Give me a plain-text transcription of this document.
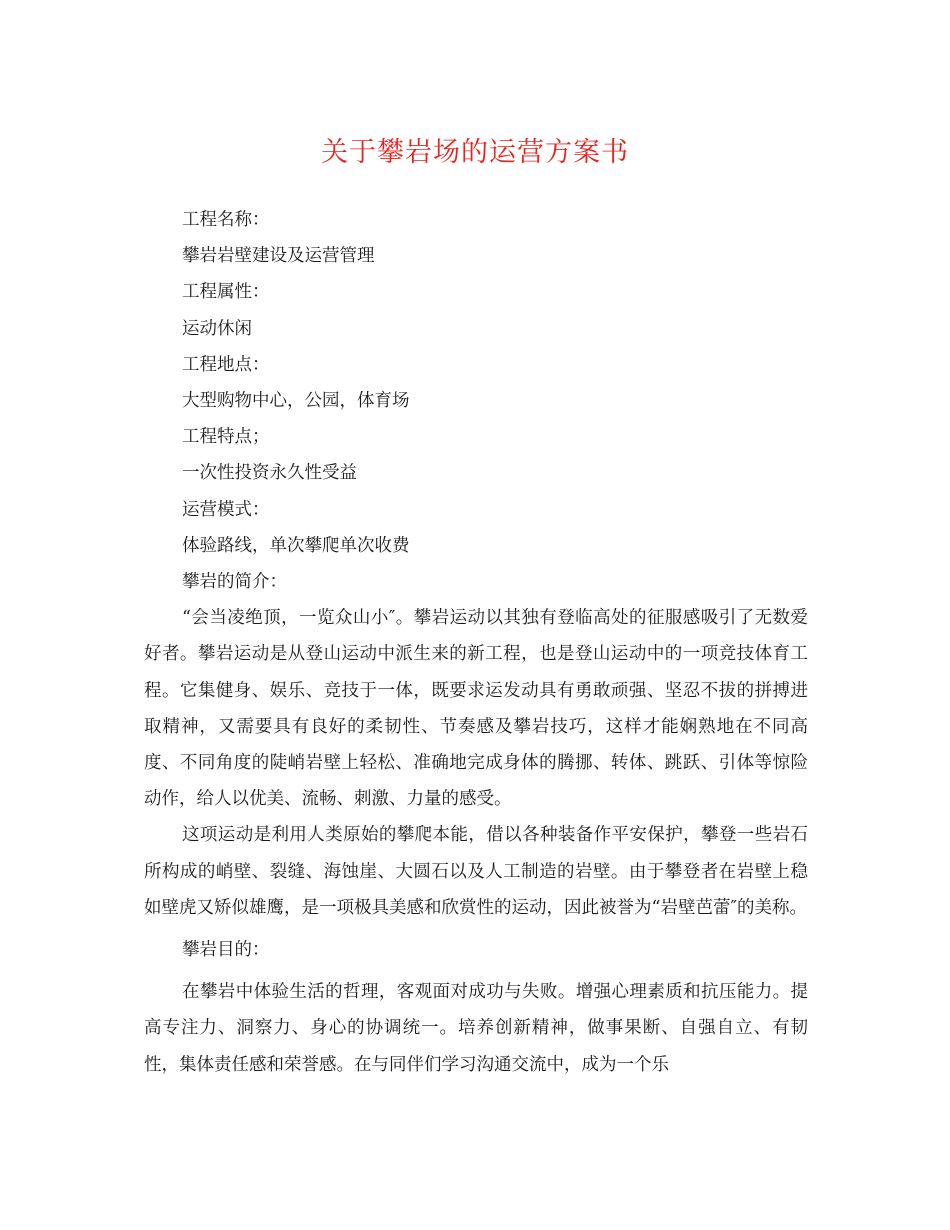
关于攀岩场的运营方案书

工程名称：

攀岩岩壁建设及运营管理

工程属性：

运动休闲

工程地点：

大型购物中心，公园，体育场

工程特点；

一次性投资永久性受益

运营模式：

体验路线，单次攀爬单次收费

攀岩的简介：

“会当凌绝顶，一览众山小″。攀岩运动以其独有登临高处的征服感吸引了无数爱好者。攀岩运动是从登山运动中派生来的新工程，也是登山运动中的一项竞技体育工程。它集健身、娱乐、竞技于一体，既要求运发动具有勇敢顽强、坚忍不拔的拼搏进取精神，又需要具有良好的柔韧性、节奏感及攀岩技巧，这样才能娴熟地在不同高度、不同角度的陡峭岩壁上轻松、准确地完成身体的腾挪、转体、跳跃、引体等惊险动作，给人以优美、流畅、刺激、力量的感受。

这项运动是利用人类原始的攀爬本能，借以各种装备作平安保护，攀登一些岩石所构成的峭壁、裂缝、海蚀崖、大圆石以及人工制造的岩壁。由于攀登者在岩壁上稳如壁虎又矫似雄鹰，是一项极具美感和欣赏性的运动，因此被誉为“岩壁芭蕾″的美称。

攀岩目的：

在攀岩中体验生活的哲理，客观面对成功与失败。增强心理素质和抗压能力。提高专注力、洞察力、身心的协调统一。培养创新精神，做事果断、自强自立、有韧性，集体责任感和荣誉感。在与同伴们学习沟通交流中，成为一个乐
